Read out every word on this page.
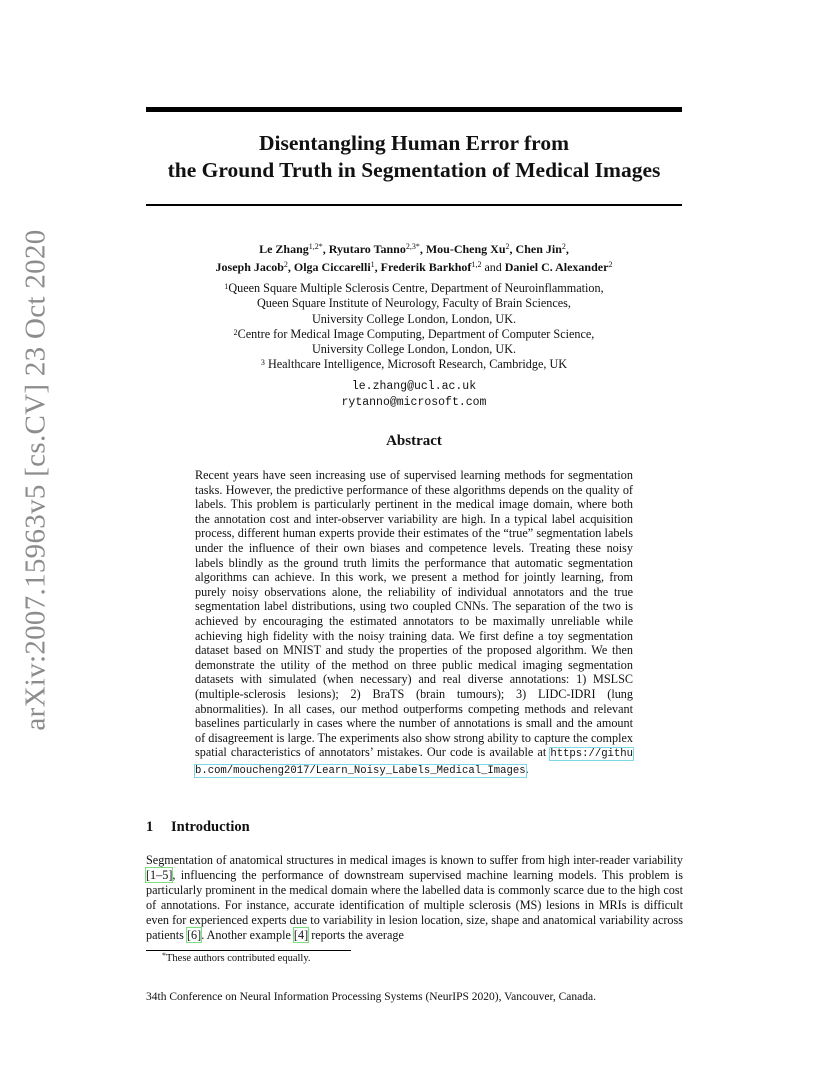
arXiv:2007.15963v5 [cs.CV] 23 Oct 2020
Disentangling Human Error from
the Ground Truth in Segmentation of Medical Images
Le Zhang$^{1,2*}$, Ryutaro Tanno$^{2,3*}$, Mou-Cheng Xu$^2$, Chen Jin$^2$,
Joseph Jacob$^2$, Olga Ciccarelli$^1$, Frederik Barkhof$^{1,2}$ and Daniel C. Alexander$^2$
$^1$Queen Square Multiple Sclerosis Centre, Department of Neuroinflammation,
Queen Square Institute of Neurology, Faculty of Brain Sciences,
University College London, London, UK.
$^2$Centre for Medical Image Computing, Department of Computer Science,
University College London, London, UK.
$^3$ Healthcare Intelligence, Microsoft Research, Cambridge, UK
le.zhang@ucl.ac.uk
rytanno@microsoft.com
Abstract
Recent years have seen increasing use of supervised learning methods for segmentation tasks. However, the predictive performance of these algorithms depends on the quality of labels. This problem is particularly pertinent in the medical image domain, where both the annotation cost and inter-observer variability are high. In a typical label acquisition process, different human experts provide their estimates of the “true” segmentation labels under the influence of their own biases and competence levels. Treating these noisy labels blindly as the ground truth limits the performance that automatic segmentation algorithms can achieve. In this work, we present a method for jointly learning, from purely noisy observations alone, the reliability of individual annotators and the true segmentation label distributions, using two coupled CNNs. The separation of the two is achieved by encouraging the estimated annotators to be maximally unreliable while achieving high fidelity with the noisy training data. We first define a toy segmentation dataset based on MNIST and study the properties of the proposed algorithm. We then demonstrate the utility of the method on three public medical imaging segmentation datasets with simulated (when necessary) and real diverse annotations: 1) MSLSC (multiple-sclerosis lesions); 2) BraTS (brain tumours); 3) LIDC-IDRI (lung abnormalities). In all cases, our method outperforms competing methods and relevant baselines particularly in cases where the number of annotations is small and the amount of disagreement is large. The experiments also show strong ability to capture the complex spatial characteristics of annotators’ mistakes. Our code is available at https://github.com/moucheng2017/Learn_Noisy_Labels_Medical_Images.
1 Introduction
Segmentation of anatomical structures in medical images is known to suffer from high inter-reader variability [1–5], influencing the performance of downstream supervised machine learning models. This problem is particularly prominent in the medical domain where the labelled data is commonly scarce due to the high cost of annotations. For instance, accurate identification of multiple sclerosis (MS) lesions in MRIs is difficult even for experienced experts due to variability in lesion location, size, shape and anatomical variability across patients [6]. Another example [4] reports the average
*These authors contributed equally.
34th Conference on Neural Information Processing Systems (NeurIPS 2020), Vancouver, Canada.
